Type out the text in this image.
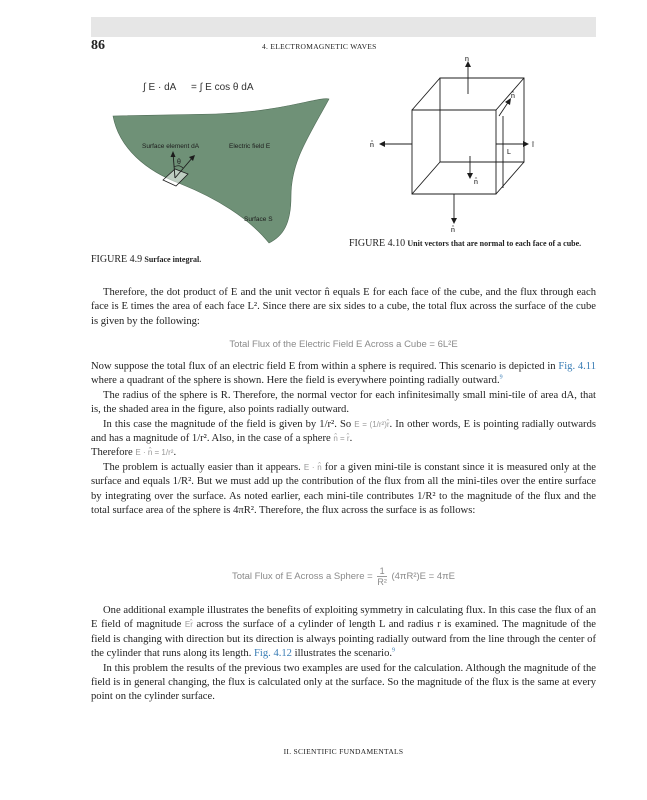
86	4. ELECTROMAGNETIC WAVES
∫ E · dA = ∫ E cos θ dA
Surface element dA	Electric field E
θ
Surface S
FIGURE 4.9 Surface integral.
n̂
n̂	î
L
n̂
n̂
n̂
FIGURE 4.10 Unit vectors that are normal to each face of a cube.

Therefore, the dot product of E and the unit vector n̂ equals E for each face of the cube, and the flux through each face is E times the area of each face L². Since there are six sides to a cube, the total flux across the surface of the cube is given by the following:

Total Flux of the Electric Field E Across a Cube = 6L²E

Now suppose the total flux of an electric field E from within a sphere is required. This scenario is depicted in Fig. 4.11 where a quadrant of the sphere is shown. Here the field is everywhere pointing radially outward.$^9$

The radius of the sphere is R. Therefore, the normal vector for each infinitesimally small mini-tile of area dA, that is, the shaded area in the figure, also points radially outward.

In this case the magnitude of the field is given by 1/r². So E = (1/r²)r̂. In other words, E is pointing radially outwards and has a magnitude of 1/r². Also, in the case of a sphere n̂ = r̂.
Therefore E · n̂ = 1/r².

The problem is actually easier than it appears. E · n̂ for a given mini-tile is constant since it is measured only at the surface and equals 1/R². But we must add up the contribution of the flux from all the mini-tiles over the entire surface by integrating over the surface. As noted earlier, each mini-tile contributes 1/R² to the magnitude of the flux and the total surface area of the sphere is 4πR². Therefore, the flux across the surface is as follows:

Total Flux of E Across a Sphere = $\frac{1}{\text{R²}} (4\pi R^2)E = 4\pi E$

One additional example illustrates the benefits of exploiting symmetry in calculating flux. In this case the flux of an E field of magnitude Er̂ across the surface of a cylinder of length L and radius r is examined. The magnitude of the field is changing with direction but its direction is always pointing radially outward from the line through the center of the cylinder that runs along its length. Fig. 4.12 illustrates the scenario.$^9$

In this problem the results of the previous two examples are used for the calculation. Although the magnitude of the field is in general changing, the flux is calculated only at the surface. So the magnitude of the flux is the same at every point on the cylinder surface.

II. SCIENTIFIC FUNDAMENTALS
